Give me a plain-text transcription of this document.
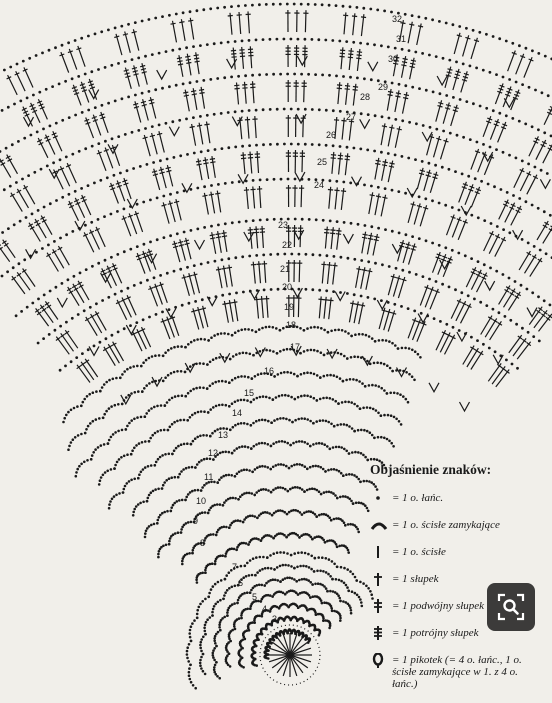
32
31
30
29
28
27
26
25
24
23
22
21
20
19
18
17
16
15
14
13
12
11
10
9
8
7
6
5
4
3
Objaśnienie znaków:
= 1 o. łańc.
= 1 o. ścisłe zamykające
= 1 o. ścisłe
= 1 słupek
= 1 podwójny słupek
= 1 potrójny słupek
= 1 pikotek (= 4 o. łańc., 1 o. ścisłe zamykające w 1. z 4 o. łańc.)
